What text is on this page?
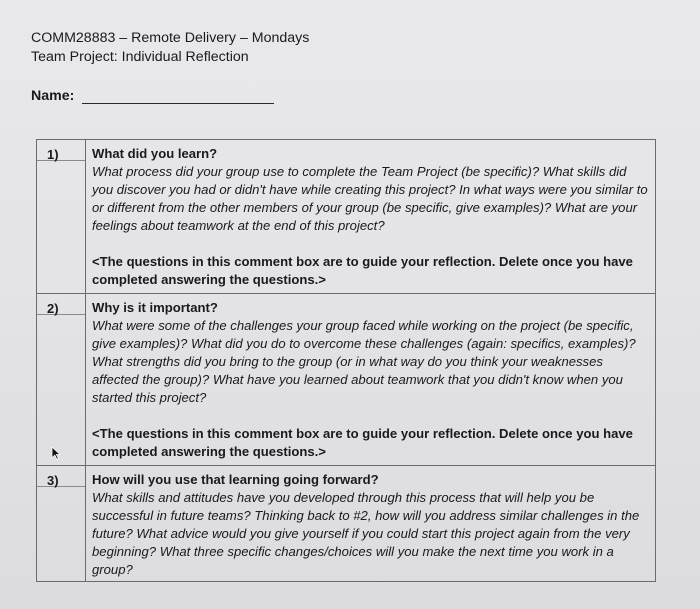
COMM28883 – Remote Delivery – Mondays
Team Project: Individual Reflection
Name:
1)	What did you learn?

What process did your group use to complete the Team Project (be specific)? What skills did you discover you had or didn't have while creating this project? In what ways were you similar to or different from the other members of your group (be specific, give examples)? What are your feelings about teamwork at the end of this project?

<The questions in this comment box are to guide your reflection. Delete once you have completed answering the questions.>

2)	Why is it important?

What were some of the challenges your group faced while working on the project (be specific, give examples)? What did you do to overcome these challenges (again: specifics, examples)? What strengths did you bring to the group (or in what way do you think your weaknesses affected the group)? What have you learned about teamwork that you didn't know when you started this project?

<The questions in this comment box are to guide your reflection. Delete once you have completed answering the questions.>

3)	How will you use that learning going forward?

What skills and attitudes have you developed through this process that will help you be successful in future teams? Thinking back to #2, how will you address similar challenges in the future? What advice would you give yourself if you could start this project again from the very beginning? What three specific changes/choices will you make the next time you work in a group?
